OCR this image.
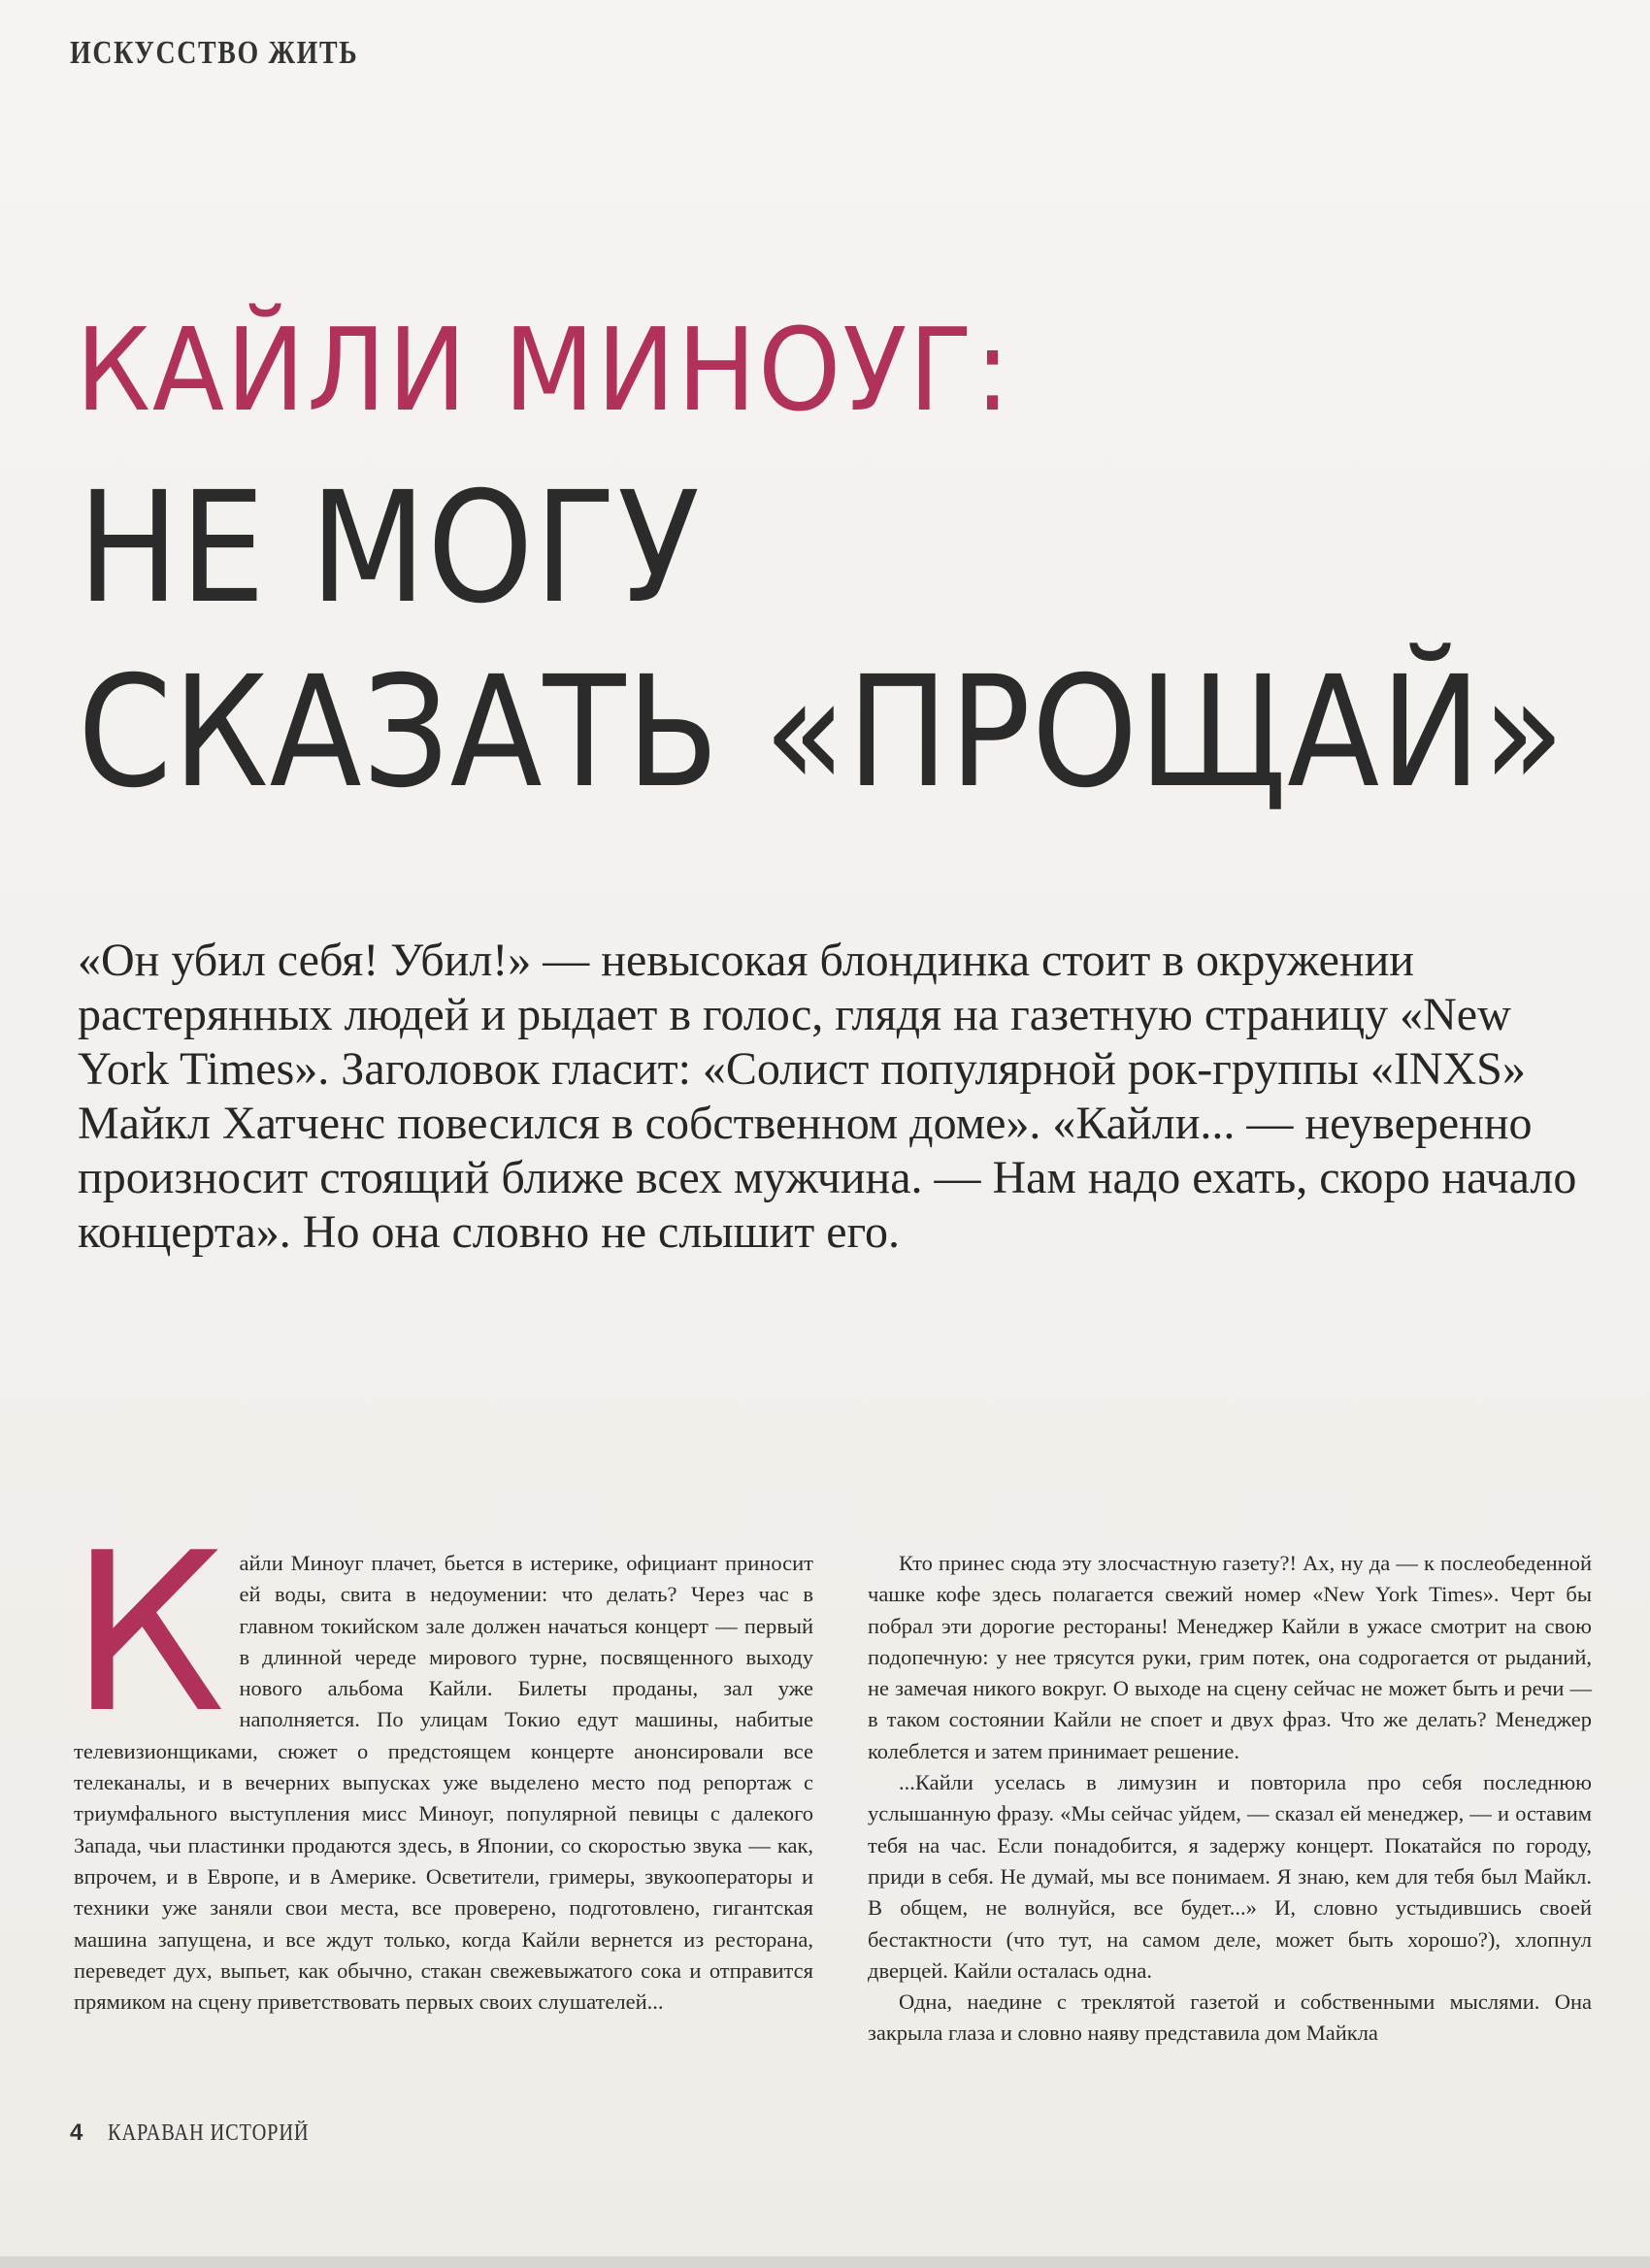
ИСКУССТВО ЖИТЬ
КАЙЛИ МИНОУГ:
НЕ МОГУ
СКАЗАТЬ «ПРОЩАЙ»

«Он убил себя! Убил!» — невысокая блондинка стоит в окружении растерянных людей и рыдает в голос, глядя на газетную страницу «New York Times». Заголовок гласит: «Солист популярной рок-группы «INXS» Майкл Хатченс повесился в собственном доме». «Кайли... — неуверенно произносит стоящий ближе всех мужчина. — Нам надо ехать, скоро начало концерта». Но она словно не слышит его.

К айли Миноуг плачет, бьется в истерике, официант приносит ей воды, свита в недоумении: что делать? Через час в главном токийском зале должен начаться концерт — первый в длинной череде мирового турне, посвященного выходу нового альбома Кайли. Билеты проданы, зал уже наполняется. По улицам Токио едут машины, набитые телевизионщиками, сюжет о предстоящем концерте анонсировали все телеканалы, и в вечерних выпусках уже выделено место под репортаж с триумфального выступления мисс Миноуг, популярной певицы с далекого Запада, чьи пластинки продаются здесь, в Японии, со скоростью звука — как, впрочем, и в Европе, и в Америке. Осветители, гримеры, звукооператоры и техники уже заняли свои места, все проверено, подготовлено, гигантская машина запущена, и все ждут только, когда Кайли вернется из ресторана, переведет дух, выпьет, как обычно, стакан свежевыжатого сока и отправится прямиком на сцену приветствовать первых своих слушателей...

Кто принес сюда эту злосчастную газету?! Ах, ну да — к послеобеденной чашке кофе здесь полагается свежий номер «New York Times». Черт бы побрал эти дорогие рестораны! Менеджер Кайли в ужасе смотрит на свою подопечную: у нее трясутся руки, грим потек, она содрогается от рыданий, не замечая никого вокруг. О выходе на сцену сейчас не может быть и речи — в таком состоянии Кайли не споет и двух фраз. Что же делать? Менеджер колеблется и затем принимает решение.

...Кайли уселась в лимузин и повторила про себя последнюю услышанную фразу. «Мы сейчас уйдем, — сказал ей менеджер, — и оставим тебя на час. Если понадобится, я задержу концерт. Покатайся по городу, приди в себя. Не думай, мы все понимаем. Я знаю, кем для тебя был Майкл. В общем, не волнуйся, все будет...» И, словно устыдившись своей бестактности (что тут, на самом деле, может быть хорошо?), хлопнул дверцей. Кайли осталась одна.

Одна, наедине с треклятой газетой и собственными мыслями. Она закрыла глаза и словно наяву представила дом Майкла

4 КАРАВАН ИСТОРИЙ
